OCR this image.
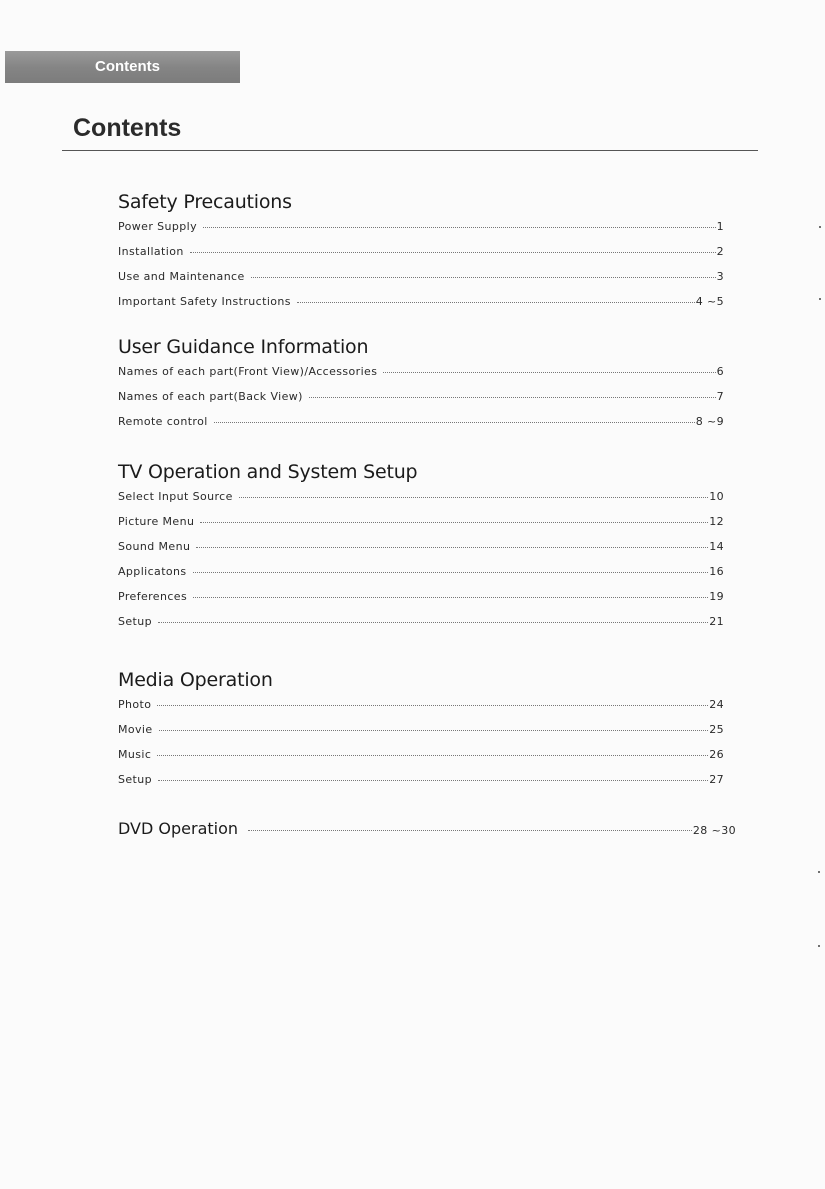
Contents
Contents
Safety Precautions
Power Supply	1
Installation	2
Use and Maintenance	3
Important Safety Instructions	4 ~5
User Guidance Information
Names of each part(Front View)/Accessories	6
Names of each part(Back View)	7
Remote control	8 ~9
TV Operation and System Setup
Select Input Source	10
Picture Menu	12
Sound Menu	14
Applicatons	16
Preferences	19
Setup	21
Media Operation
Photo	24
Movie	25
Music	26
Setup	27
DVD Operation	28 ~30
